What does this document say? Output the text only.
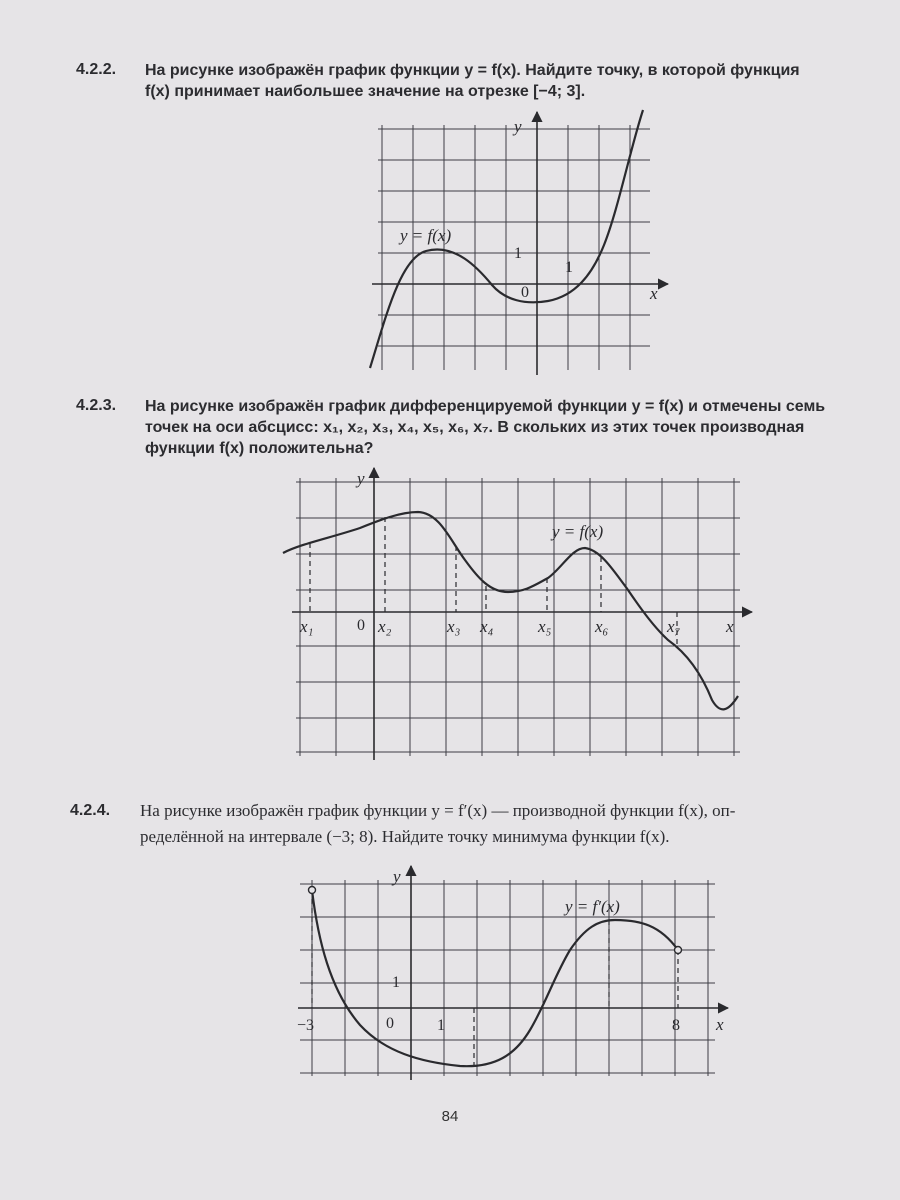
4.2.2. На рисунке изображён график функции y = f(x). Найдите точку, в которой функция
f(x) принимает наибольшее значение на отрезке [−4; 3].
4.2.3. На рисунке изображён график дифференцируемой функции y = f(x) и отмечены семь
точек на оси абсцисс: x₁, x₂, x₃, x₄, x₅, x₆, x₇. В скольких из этих точек производная
функции f(x) положительна?
4.2.4. На рисунке изображён график функции y = f′(x) — производной функции f(x), оп-
ределённой на интервале (−3; 8). Найдите точку минимума функции f(x).
y
x
y = f(x)
1
1
0
y
x
y = f(x)
0
x₁	x₂	x₃ x₄	x₅	x₆	x₇
y
x
y = f′(x)
1
1
0
−3	8
84
